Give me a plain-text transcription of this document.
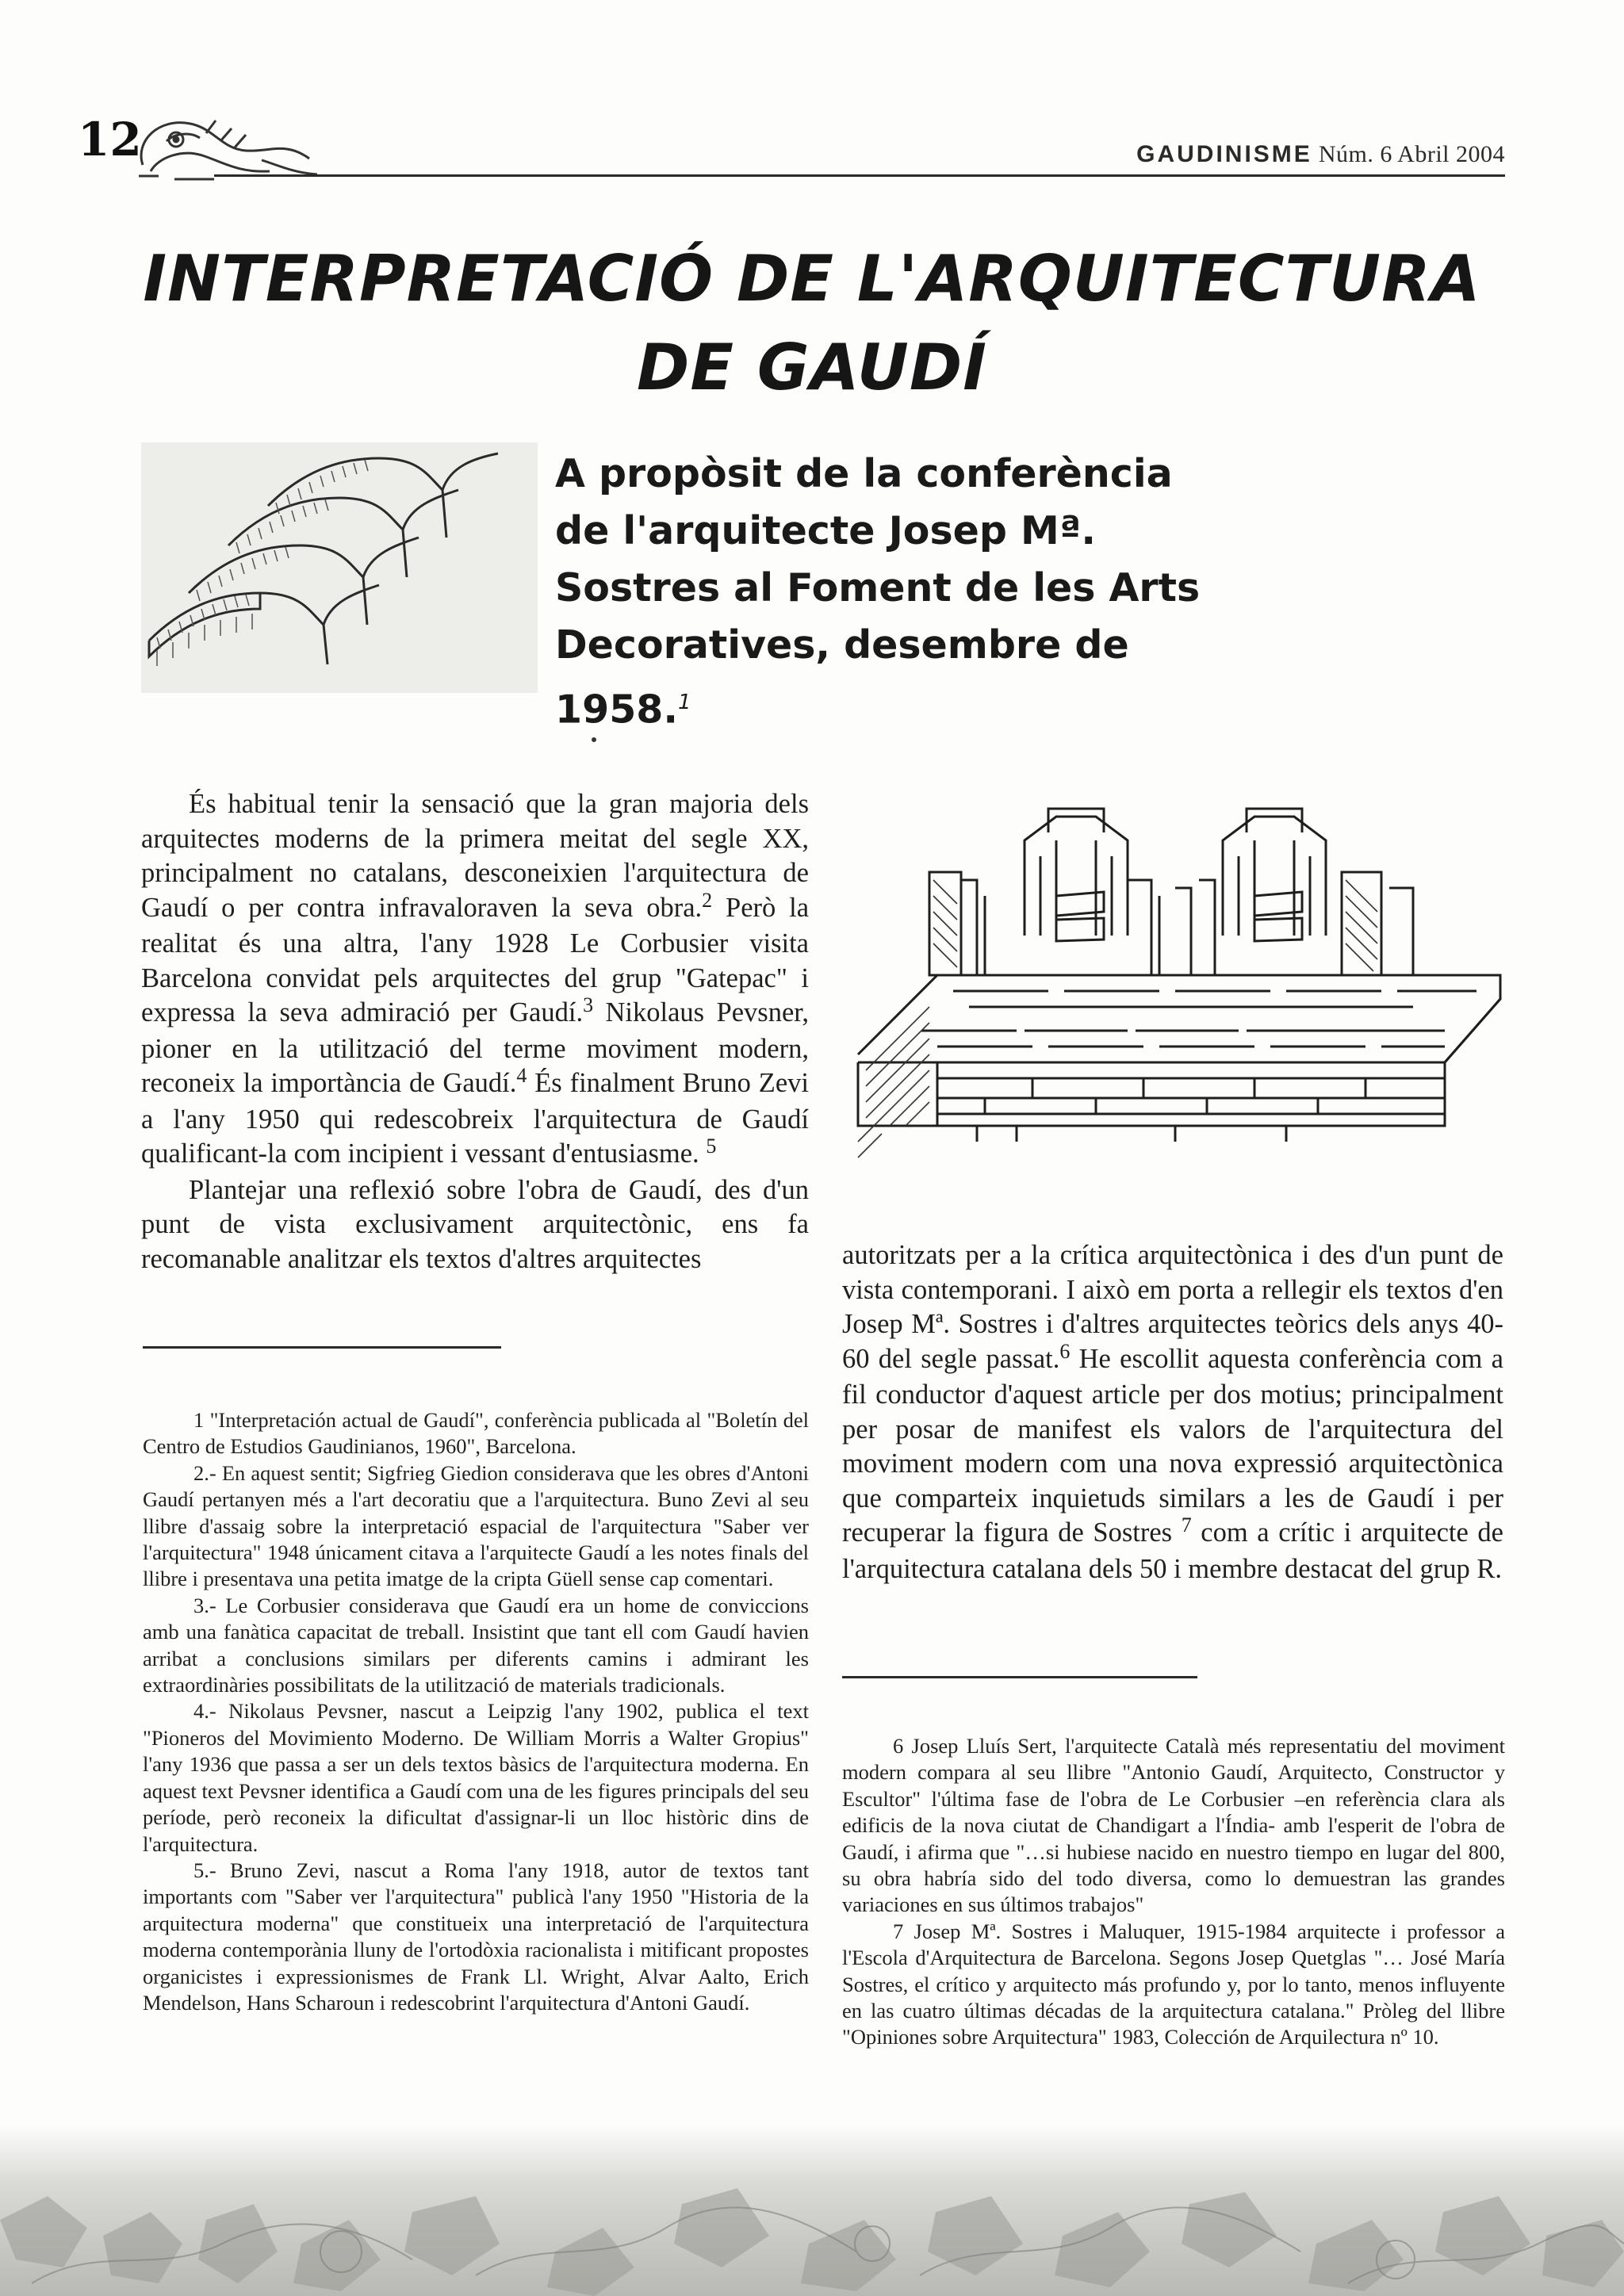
12	GAUDINISME Núm. 6 Abril 2004
INTERPRETACIÓ DE L'ARQUITECTURA
DE GAUDÍ
A propòsit de la conferència
de l'arquitecte Josep Mª.
Sostres al Foment de les Arts
Decoratives, desembre de
1958.$^1$

És habitual tenir la sensació que la gran majoria dels arquitectes moderns de la primera meitat del segle XX, principalment no catalans, desconeixien l'arquitectura de Gaudí o per contra infravaloraven la seva obra.$^2$ Però la realitat és una altra, l'any 1928 Le Corbusier visita Barcelona convidat pels arquitectes del grup "Gatepac" i expressa la seva admiració per Gaudí.$^3$ Nikolaus Pevsner, pioner en la utilització del terme moviment modern, reconeix la importància de Gaudí.$^4$ És finalment Bruno Zevi a l'any 1950 qui redescobreix l'arquitectura de Gaudí qualificant-la com incipient i vessant d'entusiasme. $^5$

Plantejar una reflexió sobre l'obra de Gaudí, des d'un punt de vista exclusivament arquitectònic, ens fa recomanable analitzar els textos d'altres arquitectes	autoritzats per a la crítica arquitectònica i des d'un punt de vista contemporani. I això em porta a rellegir els textos d'en Josep Mª. Sostres i d'altres arquitectes teòrics dels anys 40-60 del segle passat.$^6$ He escollit aquesta conferència com a fil conductor d'aquest article per dos motius; principalment per posar de manifest els valors de l'arquitectura del moviment modern com una nova expressió arquitectònica que comparteix inquietuds similars a les de Gaudí i per recuperar la figura de Sostres $^7$ com a crític i arquitecte de l'arquitectura catalana dels 50 i membre destacat del grup R.

1 "Interpretación actual de Gaudí", conferència publicada al "Boletín del Centro de Estudios Gaudinianos, 1960", Barcelona.

2.- En aquest sentit; Sigfrieg Giedion considerava que les obres d'Antoni Gaudí pertanyen més a l'art decoratiu que a l'arquitectura. Buno Zevi al seu llibre d'assaig sobre la interpretació espacial de l'arquitectura "Saber ver l'arquitectura" 1948 únicament citava a l'arquitecte Gaudí a les notes finals del llibre i presentava una petita imatge de la cripta Güell sense cap comentari.

3.- Le Corbusier considerava que Gaudí era un home de conviccions amb una fanàtica capacitat de treball. Insistint que tant ell com Gaudí havien arribat a conclusions similars per diferents camins i admirant les extraordinàries possibilitats de la utilització de materials tradicionals.

4.- Nikolaus Pevsner, nascut a Leipzig l'any 1902, publica el text "Pioneros del Movimiento Moderno. De William Morris a Walter Gropius" l'any 1936 que passa a ser un dels textos bàsics de l'arquitectura moderna. En aquest text Pevsner identifica a Gaudí com una de les figures principals del seu període, però reconeix la dificultat d'assignar-li un lloc històric dins de l'arquitectura.

5.- Bruno Zevi, nascut a Roma l'any 1918, autor de textos tant importants com "Saber ver l'arquitectura" publicà l'any 1950 "Historia de la arquitectura moderna" que constitueix una interpretació de l'arquitectura moderna contemporània lluny de l'ortodòxia racionalista i mitificant propostes organicistes i expressionismes de Frank Ll. Wright, Alvar Aalto, Erich Mendelson, Hans Scharoun i redescobrint l'arquitectura d'Antoni Gaudí.

6 Josep Lluís Sert, l'arquitecte Català més representatiu del moviment modern compara al seu llibre "Antonio Gaudí, Arquitecto, Constructor y Escultor" l'última fase de l'obra de Le Corbusier –en referència clara als edificis de la nova ciutat de Chandigart a l'Índia- amb l'esperit de l'obra de Gaudí, i afirma que "…si hubiese nacido en nuestro tiempo en lugar del 800, su obra habría sido del todo diversa, como lo demuestran las grandes variaciones en sus últimos trabajos"

7 Josep Mª. Sostres i Maluquer, 1915-1984 arquitecte i professor a l'Escola d'Arquitectura de Barcelona. Segons Josep Quetglas "… José María Sostres, el crítico y arquitecto más profundo y, por lo tanto, menos influyente en las cuatro últimas décadas de la arquitectura catalana." Pròleg del llibre "Opiniones sobre Arquitectura" 1983, Colección de Arquilectura nº 10.
